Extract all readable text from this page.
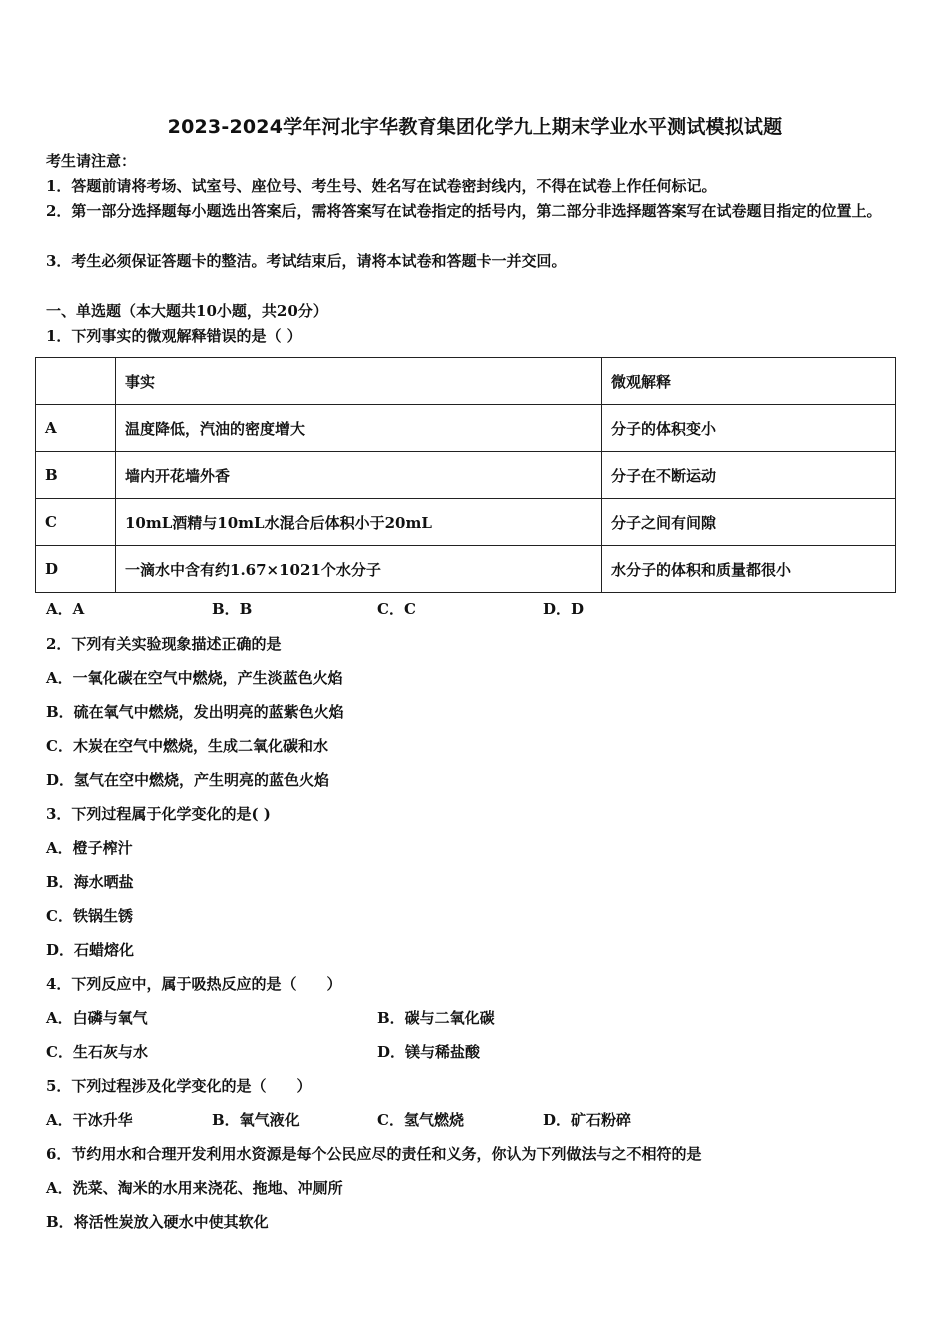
2023-2024学年河北宇华教育集团化学九上期末学业水平测试模拟试题
考生请注意：
1．答题前请将考场、试室号、座位号、考生号、姓名写在试卷密封线内，不得在试卷上作任何标记。
2．第一部分选择题每小题选出答案后，需将答案写在试卷指定的括号内，第二部分非选择题答案写在试卷题目指定的位置上。
3．考生必须保证答题卡的整洁。考试结束后，请将本试卷和答题卡一并交回。
一、单选题（本大题共10小题，共20分）
1．下列事实的微观解释错误的是（ ）
	事实	微观解释
A	温度降低，汽油的密度增大	分子的体积变小
B	墙内开花墙外香	分子在不断运动
C	10mL酒精与10mL水混合后体积小于20mL	分子之间有间隙
D	一滴水中含有约1.67×1021个水分子	水分子的体积和质量都很小
A．A	B．B	C．C	D．D
2．下列有关实验现象描述正确的是
A．一氧化碳在空气中燃烧，产生淡蓝色火焰
B．硫在氧气中燃烧，发出明亮的蓝紫色火焰
C．木炭在空气中燃烧，生成二氧化碳和水
D．氢气在空中燃烧，产生明亮的蓝色火焰
3．下列过程属于化学变化的是( )
A．橙子榨汁
B．海水晒盐
C．铁锅生锈
D．石蜡熔化
4．下列反应中，属于吸热反应的是（　　）
A．白磷与氧气	B．碳与二氧化碳
C．生石灰与水	D．镁与稀盐酸
5．下列过程涉及化学变化的是（　　）
A．干冰升华	B．氧气液化	C．氢气燃烧	D．矿石粉碎
6．节约用水和合理开发利用水资源是每个公民应尽的责任和义务，你认为下列做法与之不相符的是
A．洗菜、淘米的水用来浇花、拖地、冲厕所
B．将活性炭放入硬水中使其软化
